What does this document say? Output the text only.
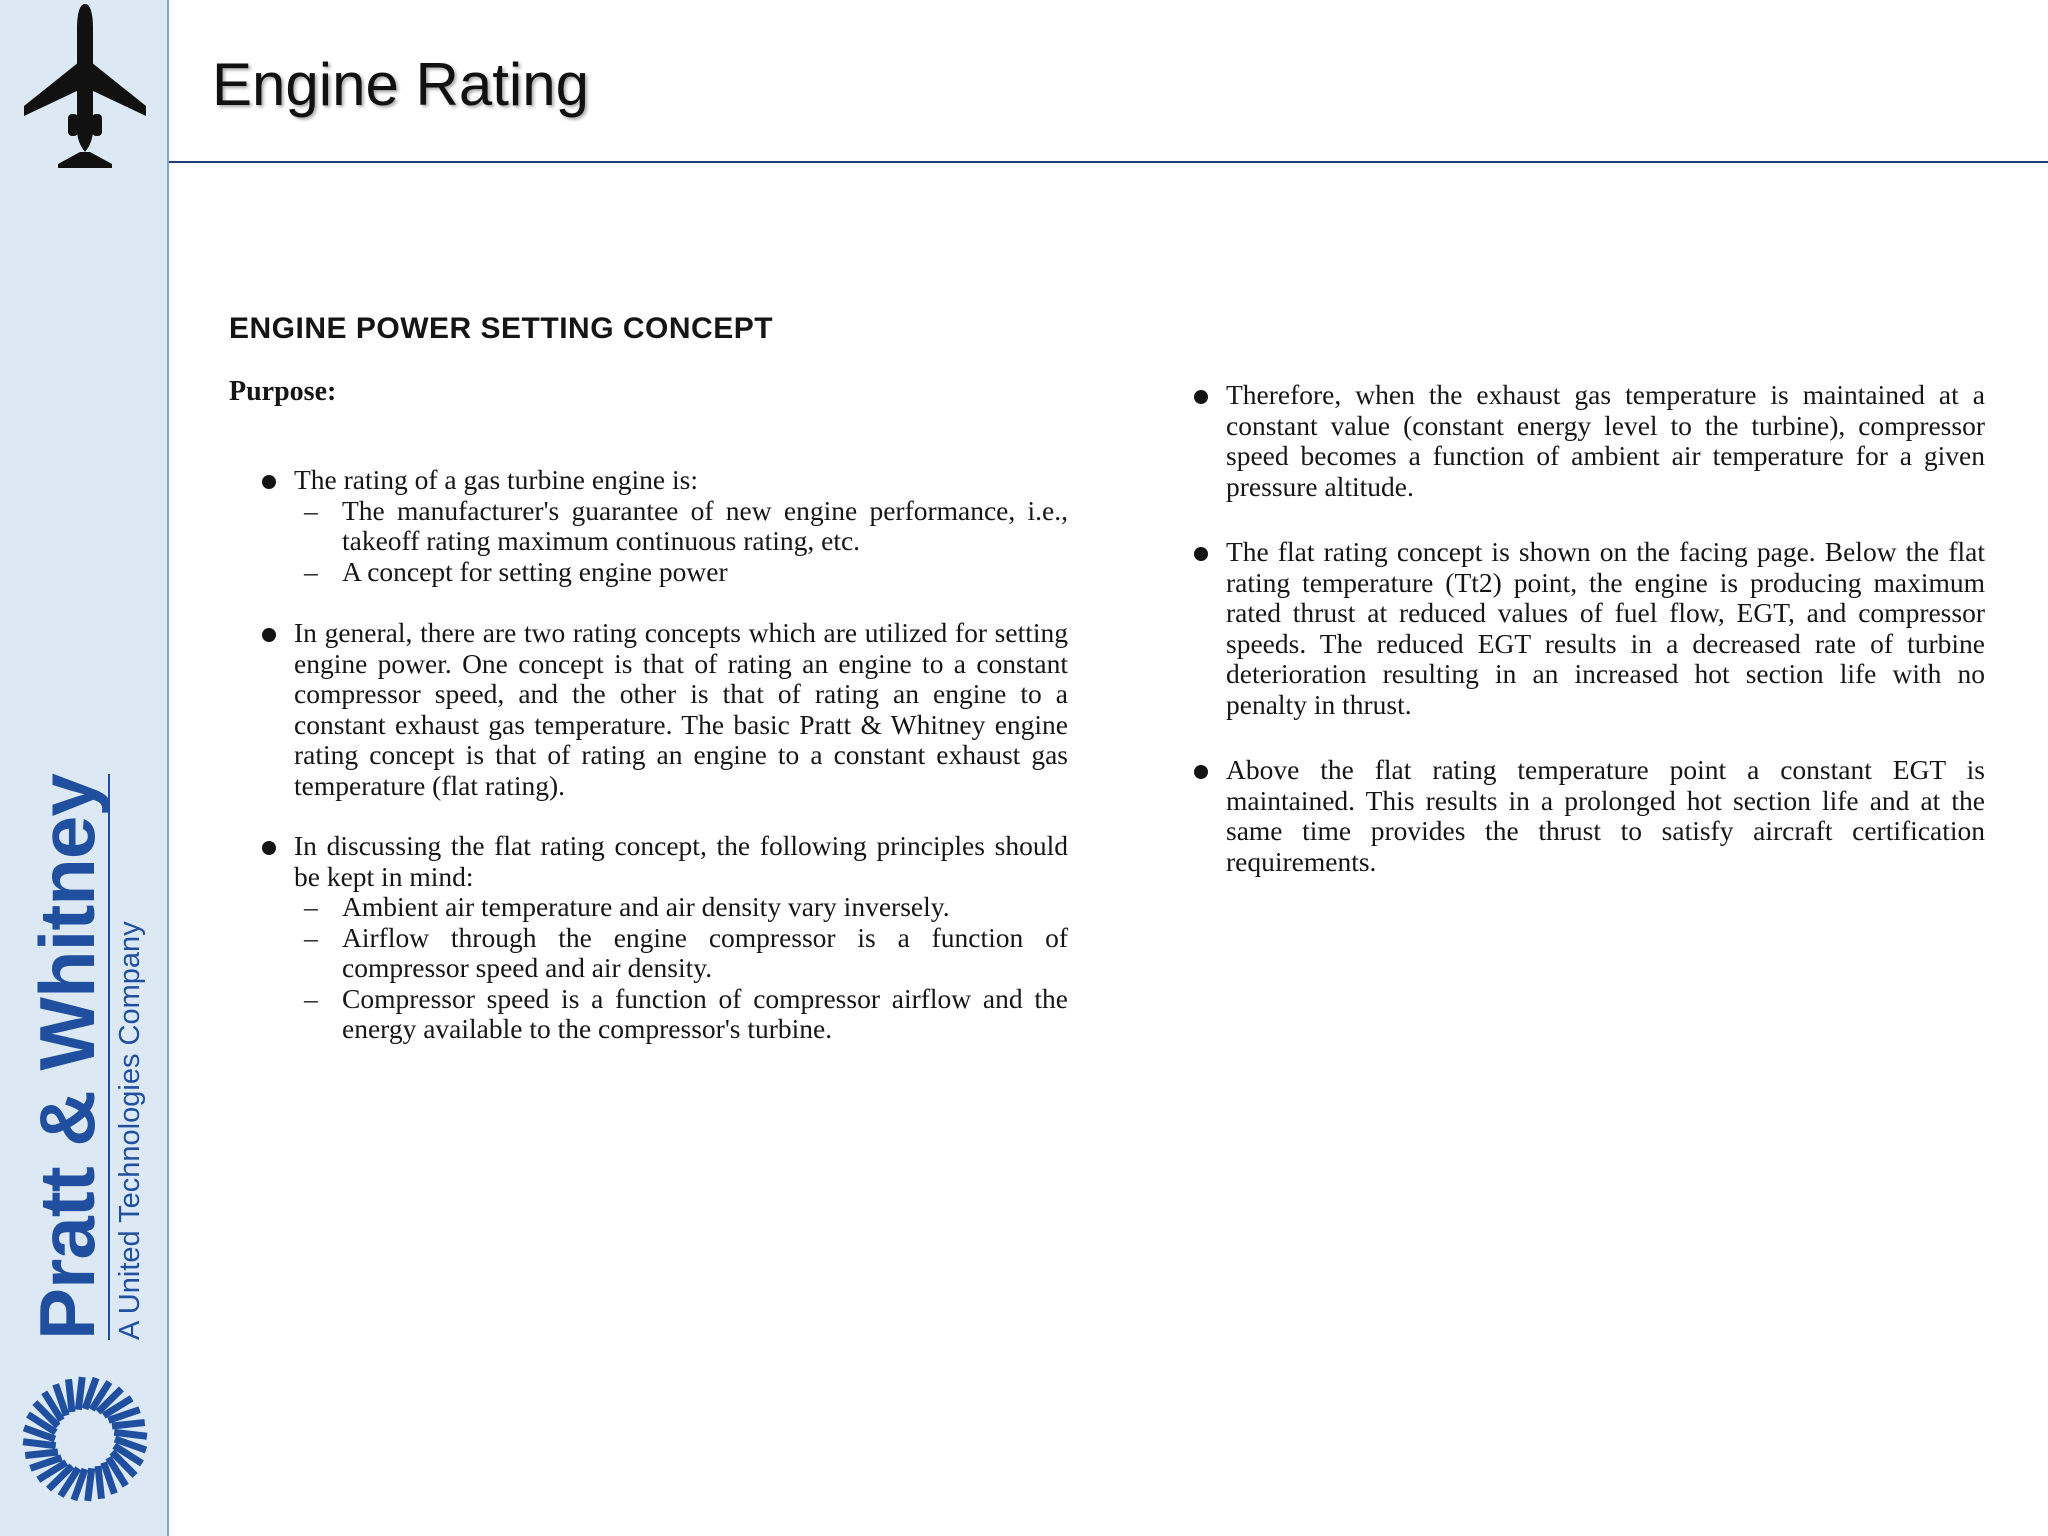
Pratt & Whitney A United Technologies Company
Engine Rating
ENGINE POWER SETTING CONCEPT
Purpose:
The rating of a gas turbine engine is:
– The manufacturer's guarantee of new engine performance, i.e., takeoff rating maximum continuous rating, etc.
– A concept for setting engine power
In general, there are two rating concepts which are utilized for setting engine power. One concept is that of rating an engine to a constant compressor speed, and the other is that of rating an engine to a constant exhaust gas temperature. The basic Pratt & Whitney engine rating concept is that of rating an engine to a constant exhaust gas temperature (flat rating).
In discussing the flat rating concept, the following principles should be kept in mind:
– Ambient air temperature and air density vary inversely.
– Airflow through the engine compressor is a function of compressor speed and air density.
– Compressor speed is a function of compressor airflow and the energy available to the compressor's turbine.
Therefore, when the exhaust gas temperature is maintained at a constant value (constant energy level to the turbine), compressor speed becomes a function of ambient air temperature for a given pressure altitude.
The flat rating concept is shown on the facing page. Below the flat rating temperature (Tt2) point, the engine is producing maximum rated thrust at reduced values of fuel flow, EGT, and compressor speeds. The reduced EGT results in a decreased rate of turbine deterioration resulting in an increased hot section life with no penalty in thrust.
Above the flat rating temperature point a constant EGT is maintained. This results in a prolonged hot section life and at the same time provides the thrust to satisfy aircraft certification requirements.
